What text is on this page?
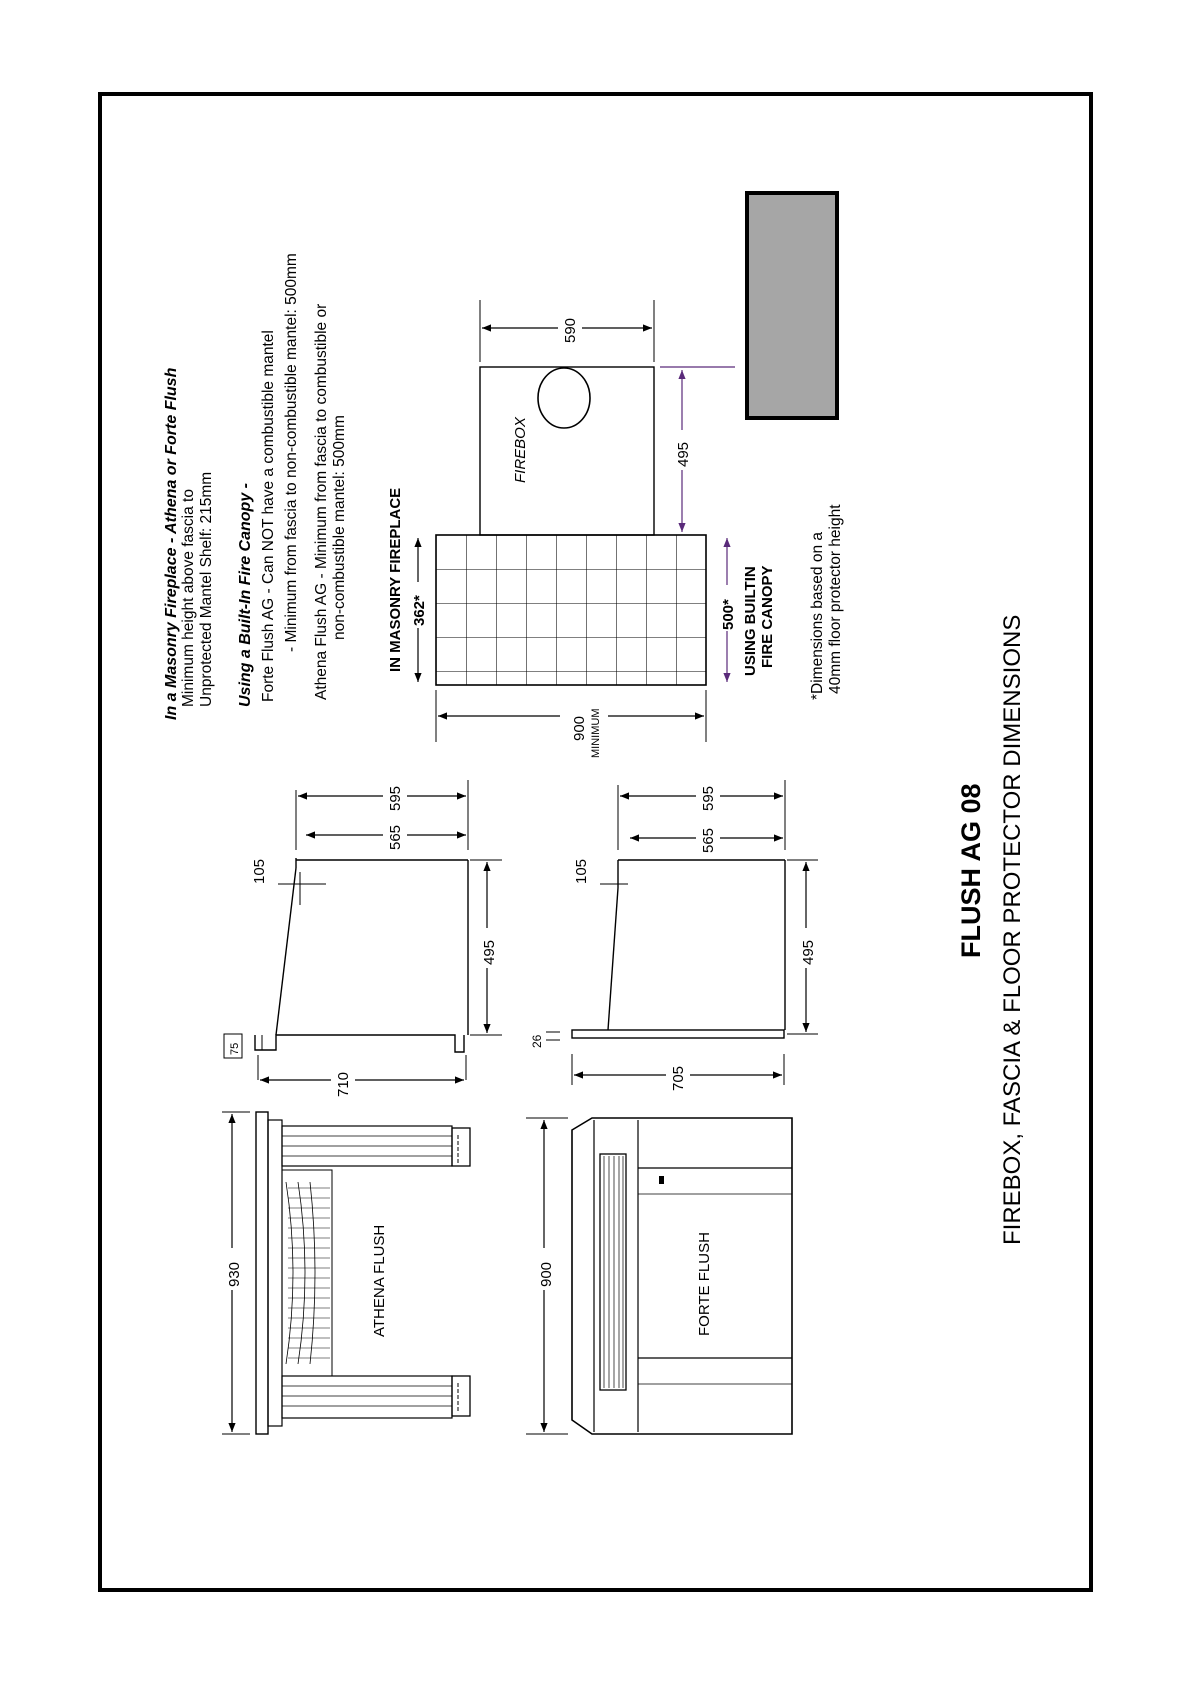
In a Masonry Fireplace - Athena or Forte Flush Minimum height above fascia to Unprotected Mantel Shelf: 215mm Using a Built-In Fire Canopy - Forte Flush AG - Can NOT have a combustible mantel - Minimum from fascia to non-combustible mantel: 500mm Athena Flush AG - Minimum from fascia to combustible or non-combustible mantel: 500mm	FIREBOX
590
495
IN MASONRY FIREPLACE 362*	500* USING BUILTIN FIRE CANOPY
900 MINIMUM
*Dimensions based on a 40mm floor protector height
105
565
595
495
75
710
ATHENA FLUSH
930
105
565
595
495
26
705
FORTE FLUSH
900
FLUSH AG 08 FIREBOX, FASCIA & FLOOR PROTECTOR DIMENSIONS
